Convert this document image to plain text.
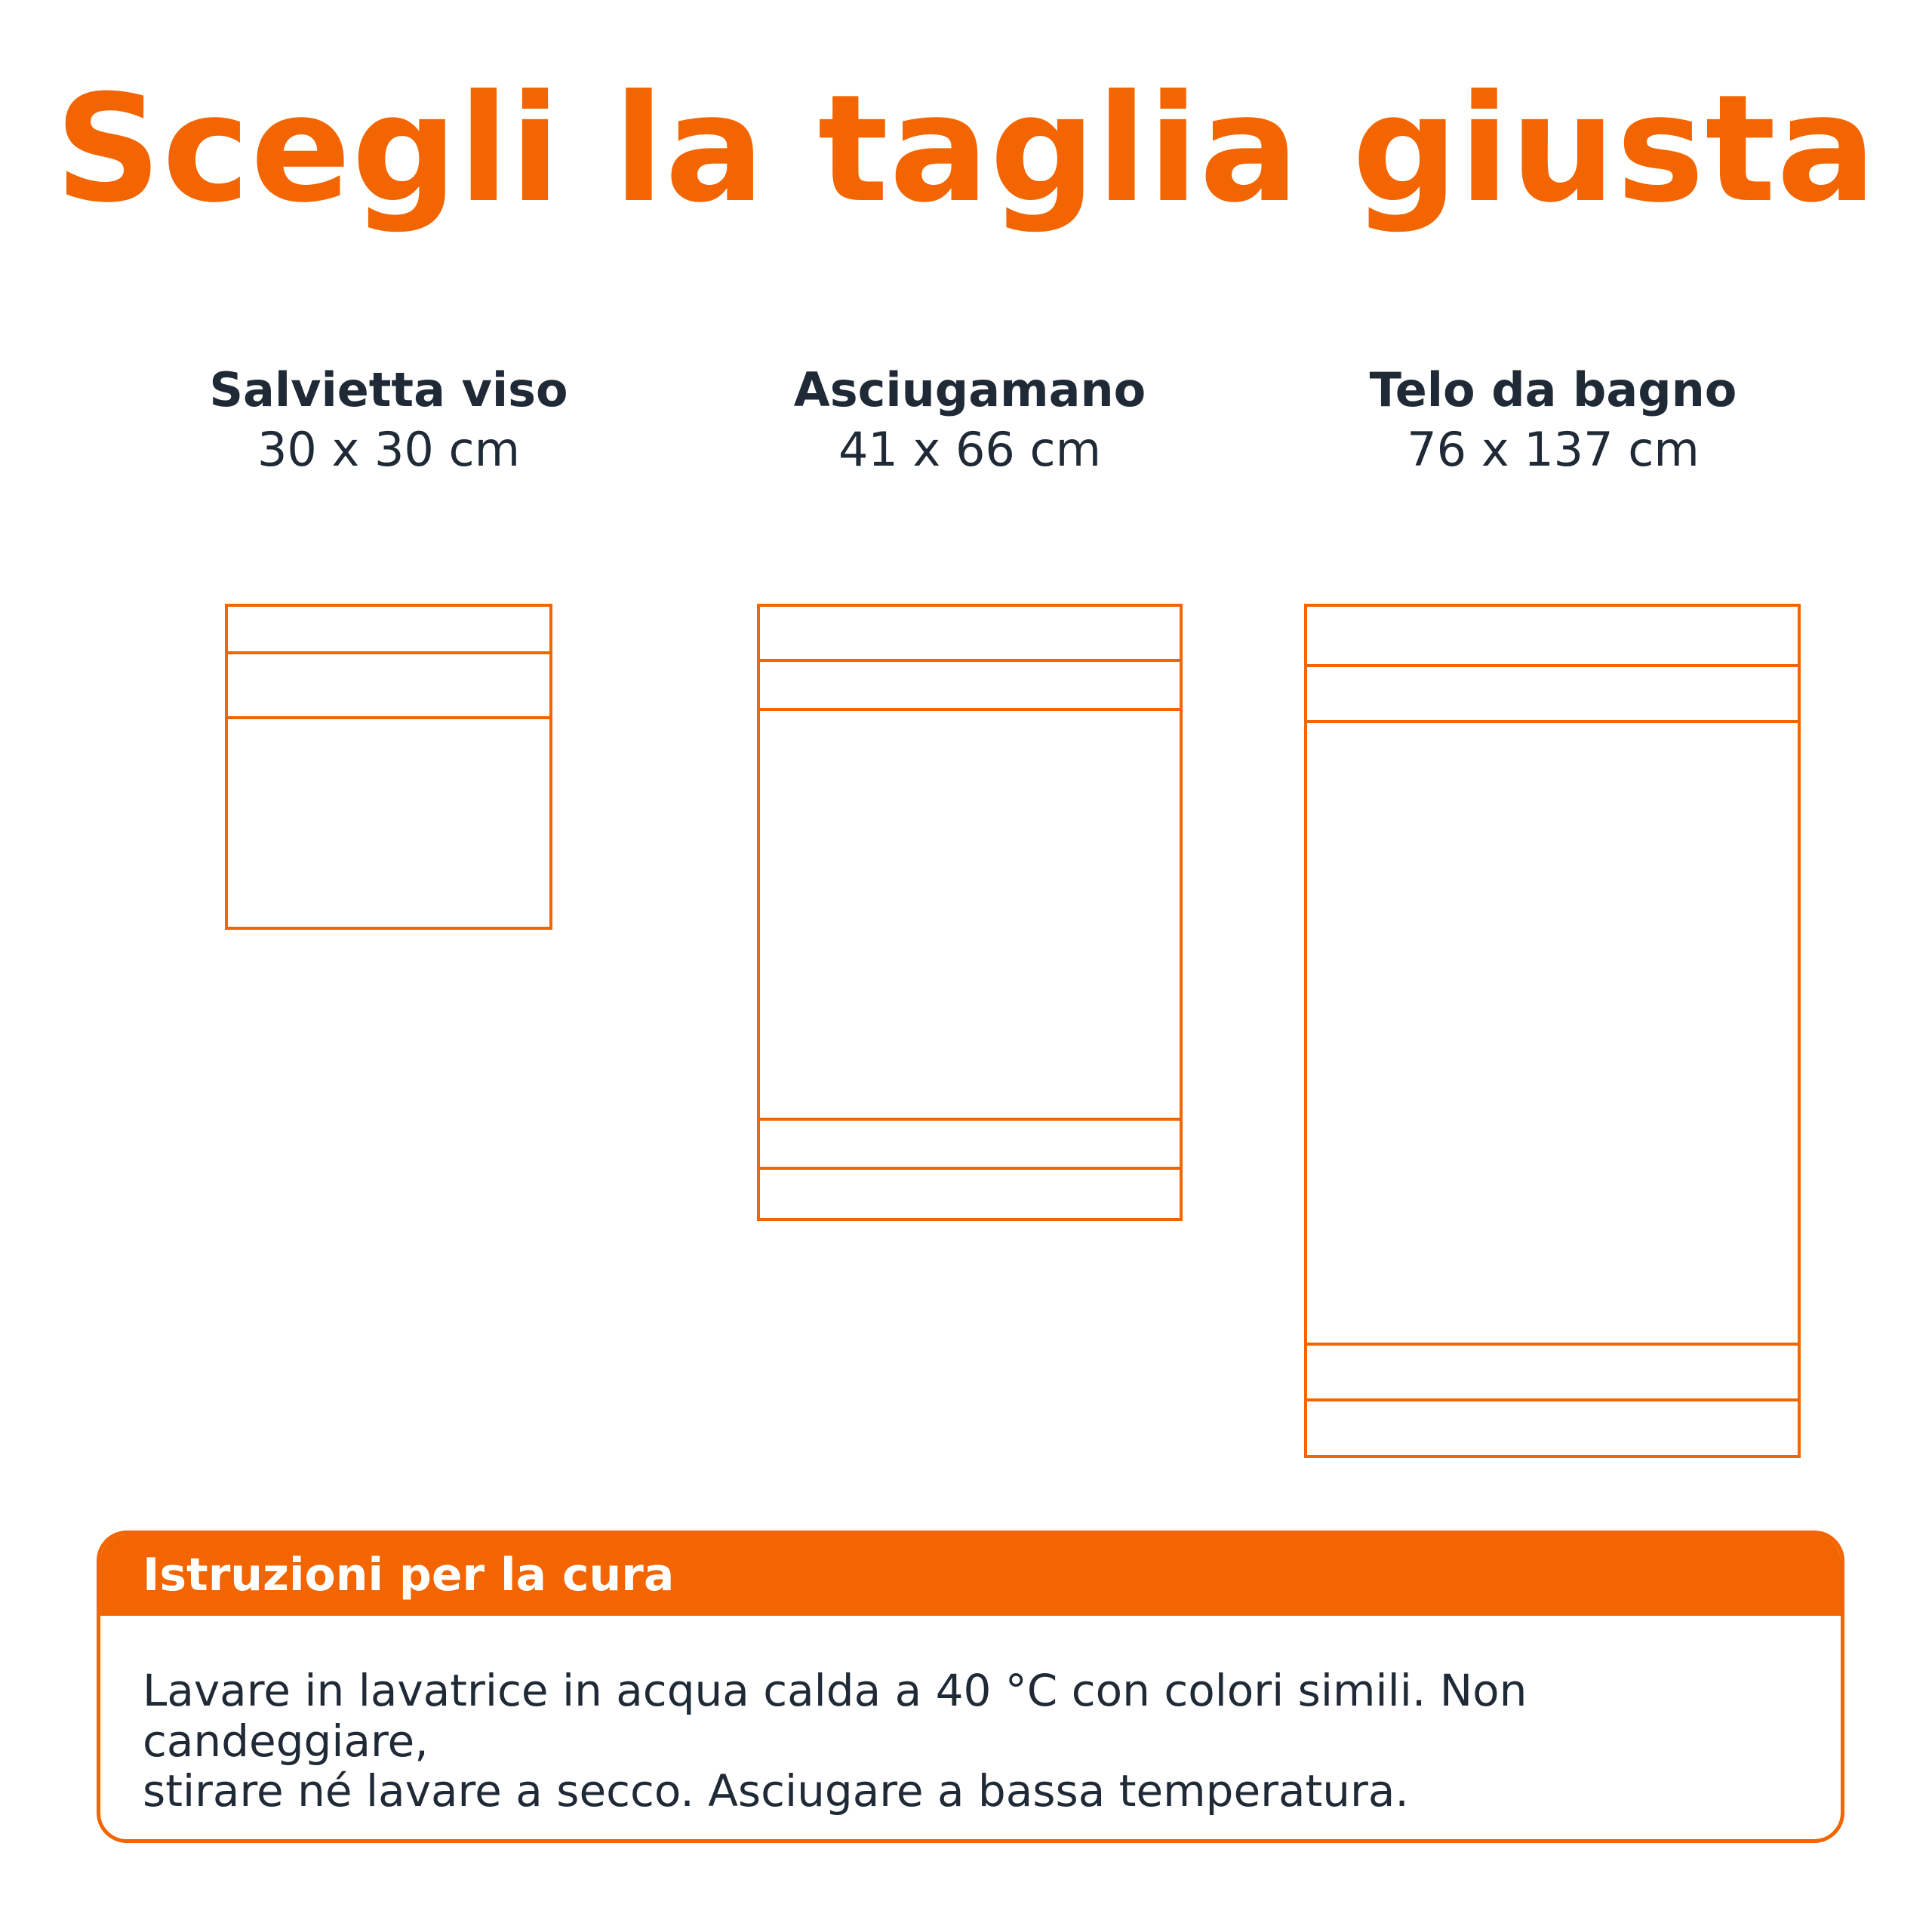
Scegli la taglia giusta
Salvietta viso
30 x 30 cm
Asciugamano
41 x 66 cm
Telo da bagno
76 x 137 cm
Istruzioni per la cura
Lavare in lavatrice in acqua calda a 40 °C con colori simili. Non candeggiare,
stirare né lavare a secco. Asciugare a bassa temperatura.
